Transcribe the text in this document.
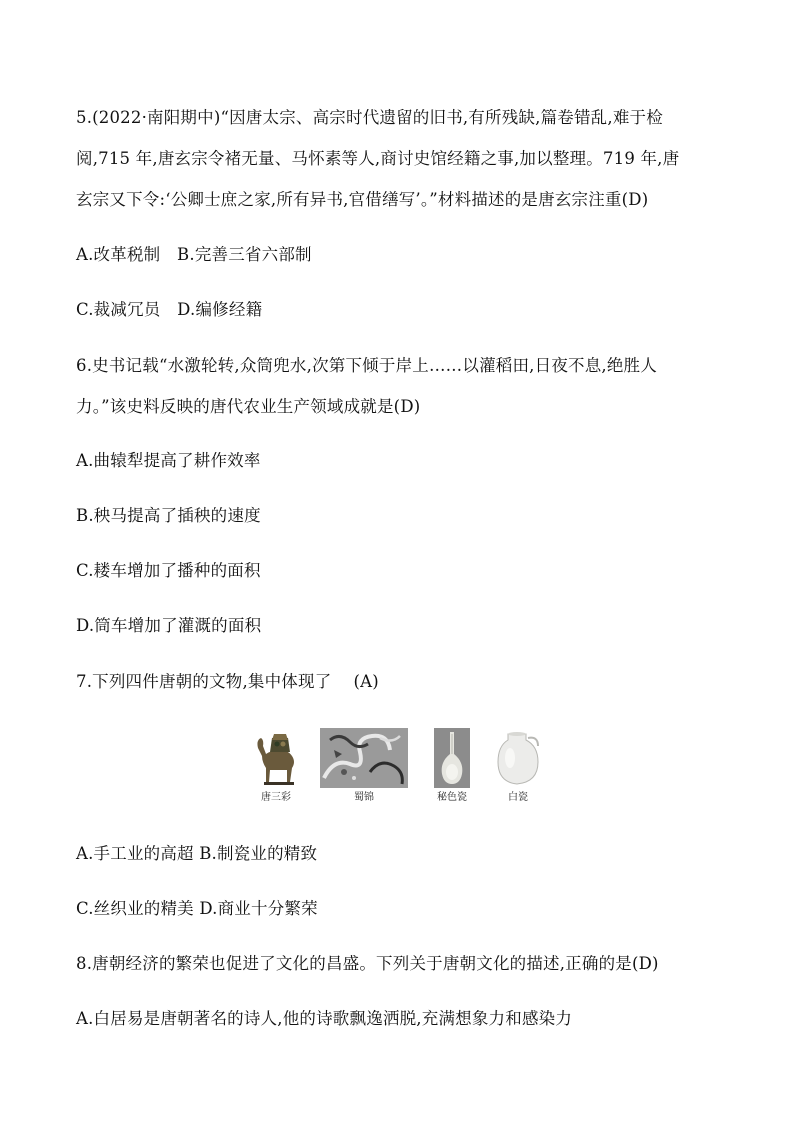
5.(2022·南阳期中)“因唐太宗、高宗时代遗留的旧书,有所残缺,篇卷错乱,难于检
阅,715 年,唐玄宗令褚无量、马怀素等人,商讨史馆经籍之事,加以整理。719 年,唐
玄宗又下令:‘公卿士庶之家,所有异书,官借缮写’。”材料描述的是唐玄宗注重(D)
A.改革税制　B.完善三省六部制
C.裁减冗员　D.编修经籍
6.史书记载“水激轮转,众筒兜水,次第下倾于岸上……以灌稻田,日夜不息,绝胜人
力。”该史料反映的唐代农业生产领域成就是(D)
A.曲辕犁提高了耕作效率
B.秧马提高了插秧的速度
C.耧车增加了播种的面积
D.筒车增加了灌溉的面积
7.下列四件唐朝的文物,集中体现了　 (A)
唐三彩	蜀锦	秘色瓷	白瓷
A.手工业的高超 B.制瓷业的精致
C.丝织业的精美 D.商业十分繁荣
8.唐朝经济的繁荣也促进了文化的昌盛。下列关于唐朝文化的描述,正确的是(D)
A.白居易是唐朝著名的诗人,他的诗歌飘逸洒脱,充满想象力和感染力
